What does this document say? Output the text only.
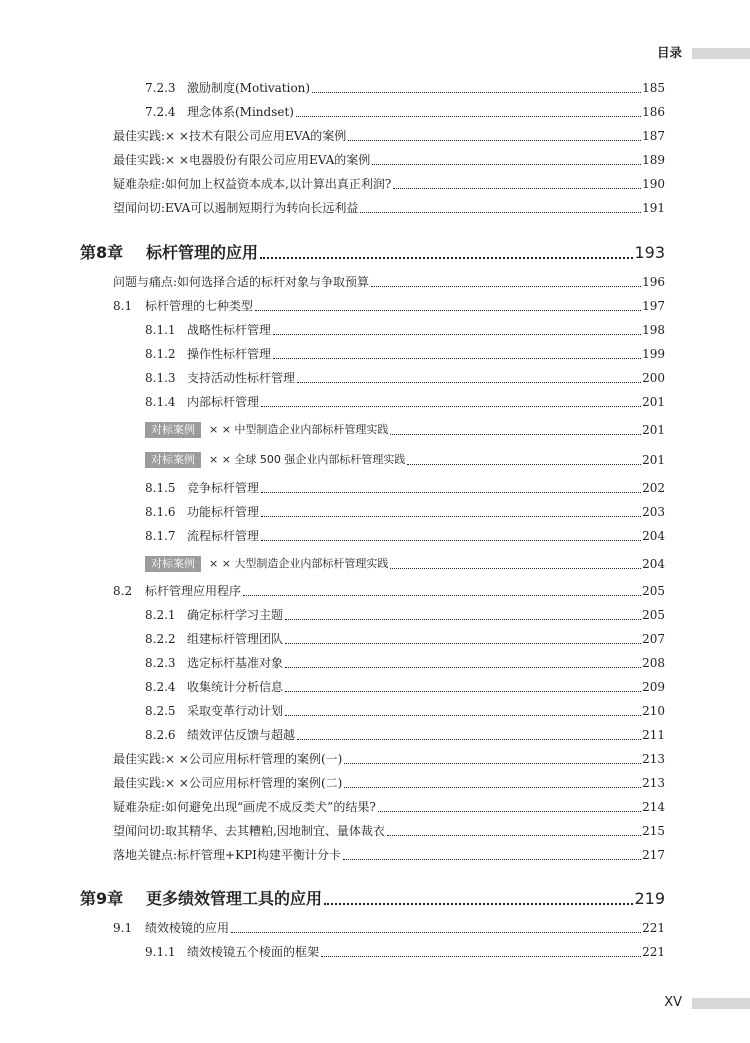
目录
7.2.3 激励制度(Motivation)	185
7.2.4 理念体系(Mindset)	186
最佳实践:× ×技术有限公司应用EVA的案例	187
最佳实践:× ×电器股份有限公司应用EVA的案例	189
疑难杂症:如何加上权益资本成本,以计算出真正利润?	190
望闻问切:EVA可以遏制短期行为转向长远利益	191
第8章	标杆管理的应用	193
问题与痛点:如何选择合适的标杆对象与争取预算	196
8.1	标杆管理的七种类型	197
8.1.1 战略性标杆管理	198
8.1.2 操作性标杆管理	199
8.1.3 支持活动性标杆管理	200
8.1.4 内部标杆管理	201
对标案例	× × 中型制造企业内部标杆管理实践	201
对标案例	× × 全球 500 强企业内部标杆管理实践	201
8.1.5 竞争标杆管理	202
8.1.6 功能标杆管理	203
8.1.7 流程标杆管理	204
对标案例	× × 大型制造企业内部标杆管理实践	204
8.2	标杆管理应用程序	205
8.2.1 确定标杆学习主题	205
8.2.2 组建标杆管理团队	207
8.2.3 选定标杆基准对象	208
8.2.4 收集统计分析信息	209
8.2.5 采取变革行动计划	210
8.2.6 绩效评估反馈与超越	211
最佳实践:× ×公司应用标杆管理的案例(一)	213
最佳实践:× ×公司应用标杆管理的案例(二)	213
疑难杂症:如何避免出现“画虎不成反类犬”的结果?	214
望闻问切:取其精华、去其糟粕,因地制宜、量体裁衣	215
落地关键点:标杆管理+KPI构建平衡计分卡	217
第9章	更多绩效管理工具的应用	219
9.1	绩效棱镜的应用	221
9.1.1 绩效棱镜五个棱面的框架	221
XV
